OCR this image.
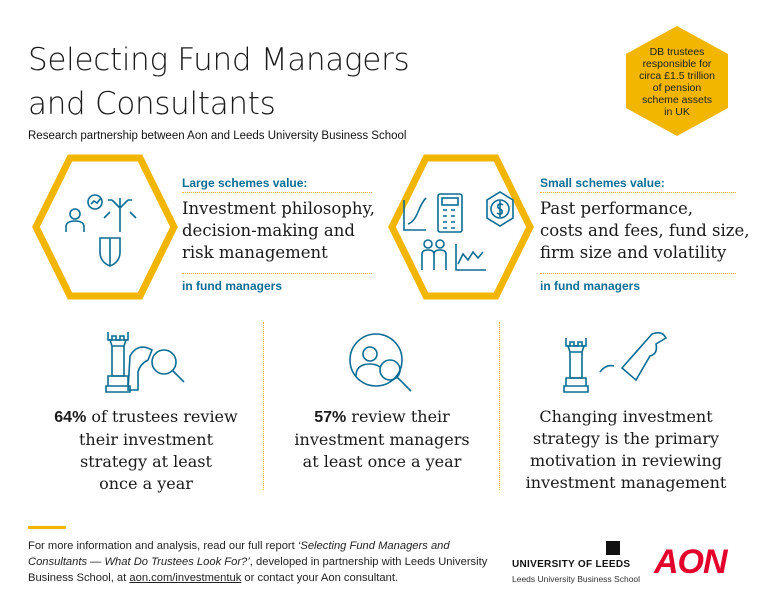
Selecting Fund Managers
and Consultants
Research partnership between Aon and Leeds University Business School
DB trustees
responsible for
circa £1.5 trillion
of pension
scheme assets
in UK
Large schemes value:
Investment philosophy,
decision-making and
risk management
in fund managers
Small schemes value:
Past performance,
costs and fees, fund size,
firm size and volatility
in fund managers
64% of trustees review
their investment
strategy at least
once a year
57% review their
investment managers
at least once a year
Changing investment
strategy is the primary
motivation in reviewing
investment management
For more information and analysis, read our full report ‘Selecting Fund Managers and Consultants — What Do Trustees Look For?’, developed in partnership with Leeds University Business School, at aon.com/investmentuk or contact your Aon consultant.
UNIVERSITY OF LEEDS
Leeds University Business School AON
